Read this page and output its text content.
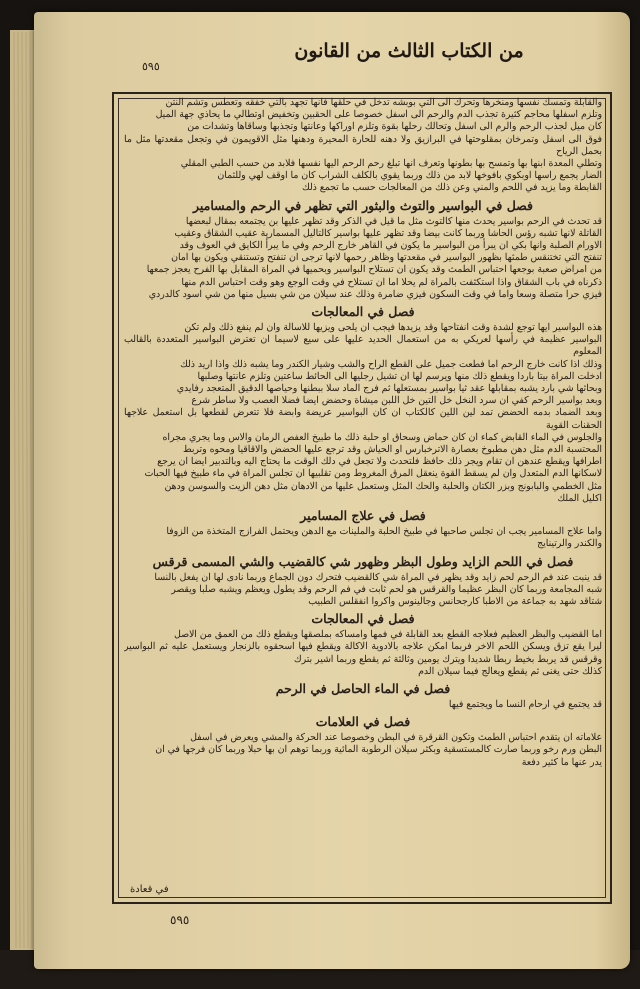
من الكتاب الثالث من القانون
٥٩٥
والقابلة وتمسك نفسها ومنخرها وتحرك الى التي بوبشه تدخل في حلقها فانها تجهد بالتي خفقه وتعطس وتشم النتن
وتلزم اسفلها محاجم كثيرة تجذب الدم والرحم الى اسفل خصوصا على الحقبين وتخفيض اوتطالي ما يحاذي جهة الميل
كان ميل لجذب الرحم والرم الى اسفل وتحالك رحلها بقوة وتلزم اوراكها وعانتها وتجذبها وساقاها وتشدات من
فوق الى اسفل وتمرخان بمقلوحتها في البرازيق ولا دهنه للحارة المحيرة ودهنها مثل الاقويمون في وتجعل مقعدتها مثل ما بحمل الرياح
وتطلي المعدة ابنها بها وتمسح بها بطونها وتعرف انها تبلغ رحم الرحم اليها نفسها فلابد من حسب الطبي المقلي
الضار يجمع راسها اوبكوي بافوخها لابد من ذلك وربما يقوي بالكلف الشراب كان ما اوقف لهي وللثمان
القابطة وما يزيد في اللحم والمني وعن ذلك من المعالجات حسب ما تجمع ذلك
فصل في البواسير والتوث والبثور التي تظهر في الرحم والمسامير
قد تحدث في الرحم بواسير يحدث منها كالتوث مثل ما قيل في الذكر وقد تظهر عليها بن يجتمعه بمقال لبعضها
القاتلة لانها تشبه رؤس الحاشا وربما كانت بيضا وقد تظهر عليها بواسير كالتاليل المسمارية عقيب الشقاق وعقيب
الاورام الصلبة وانها بكي ان يبرأ من البواسير ما يكون في القاهر خارج الرحم وفي ما يبرأ الكايق في العوف وقد
تنفتح التي تختنقس طمثها بظهور البواسير في مقعدتها وظاهر رحمها لانها ترجى ان تنفتح وتستنقي ويكون بها امان
من امراض صعبة بوجعها احتباس الطمث وقد يكون ان تستلاح البواسير وبحميها في المراة المقابل بها الفرح يعجز جمعها
ذكرناه في باب الشقاق واذا استكثفت بالمراة لم يحلا اما ان تستلاح في وقت الوجع وهو وقت احتباس الدم منها
فيزي حرا متصلة وسعا واما في وقت السكون فيزي ضامرة وذلك عند سيلان من شي بسيل منها من شي اسود كالدردي
فصل في المعالجات
هذه البواسير ايها توجع لشدة وقت انفتاحها وقد يزيدها فيجب ان يلحى ويزيها للاسالة وان لم ينفع ذلك ولم تكن
البواسير عظيمة في رأسها لعريكي به من استعمال الحديد عليها على سيع لاسيما ان تعترض البواسير المتعددة بالقالب المعلوم
وذلك اذا كانت خارج الرحم اما فطعت جميل على القطع الراح والشب وشيار الكندر وما يشبه ذلك واذا اريد ذلك
ادخلت المراة بيتا باردا ويقطع ذلك منها ويرسم لها ان تشيل رجليها الى الحائط ساعتين وتلزم عانتها وصلبها
وبحاثها شي بارد يشبه بمقابلها عقد ثيا بواسير بمستعلها ثم فرج الماد سلا ببطنها وحياصها الدقيق المتعجد رفايدي
وبعد بواسير الرحم كفي ان سرد النخل خل التين خل اللبن ميشاة وحضض ايضا فضلا العصب ولا ساطر شرع
وبعد الضماد بدمه الحضض تمد لين اللين كالكتاب ان كان البواسير عريضة وابضة فلا تتعرض لقطعها بل استعمل علاجها الحقنات القوية
والجلوس في الماء القابض كماء ان كان حماض وسحاق او حلبة ذلك ما طبيخ العفص الرمان والاس وما يجري مجراه
المحتسبة الدم مثل دهن مطبوخ بعصارة الاترخبارس او الحياش وقد ترجع عليها الحضض والاقاقيا ومحوه وتربط
اطرافها ويقطع عندهن ان تقام ويجر ذلك حافظ فلتحدث ولا تجعل في دلك الوقت ما يحتاج اليه وبالتدبير ايضا ان يرجع
لاسكانها الدم المتعدل وان لم يسقط القوة ينعقل المرق المغروط ومن تقلبيها ان تجلس المراة في ماء طبيخ فيها الحبات
مثل الخطمي والبابونج وبزر الكتان والحلبة والحك المثل وستعمل عليها من الادهان مثل دهن الزيت والسوسن ودهن
اكليل الملك
فصل في علاج المسامير
واما علاج المسامير يجب ان تجلس صاحبها في طبيخ الحلبة والملينات مع الدهن ويحتمل الفرازج المتخذة من الزوفا
والكندر والرتينايج
فصل في اللحم الزايد وطول البظر وظهور شي كالقضيب والشي المسمى قرقس
قد ينبت عند فم الرحم لحم زايد وقد يظهر في المراة شي كالقضيب فتحرك دون الجماع وربما نادى لها ان يفعل بالنسا
شبه المجامعة وربما كان البظر عظيما والقرقس هو لحم ثابت في فم الرحم وقد يطول ويعظم ويشبه صلبا ويقصر
شتاقد شهد به جماعة من الاطبا كارجحانس وجالينوس واكروا انفقلس الطبيب
فصل في المعالجات
اما القضيب والبظر العظيم فعلاجه القطع بعد القابلة في فمها وامساكه بملصقها ويقطع ذلك من العمق من الاصل
ليرا يقع تزق ويسكن اللحم الاخر فربما امكن علاجه بالادوية الاكالة ويقطع فيها اسحقوه بالزنجار ويستعمل عليه ثم البواسير وقرقس قد يربط بخيط ربطا شديدا ويترك يومين وثالثة ثم يقطع وربما اشير بترك
كذلك حتى يغنى ثم يقطع ويعالج فيما سيلان الدم
فصل في الماء الحاصل في الرحم
قد يجتمع في ارحام النسا ما ويجتمع فيها
فصل في العلامات
علاماته ان يتقدم احتباس الطمث وتكون القرقرة في البطن وخصوصا عند الحركة والمشي ويعرض في اسفل
البطن ورم رخو وربما صارت كالمستسقية وبكثر سيلان الرطوبة المائية وربما توهم ان بها حبلا وربما كان فرجها في ان
يدر عنها ما كثير دفعة
في قعادة
٥٩٥
